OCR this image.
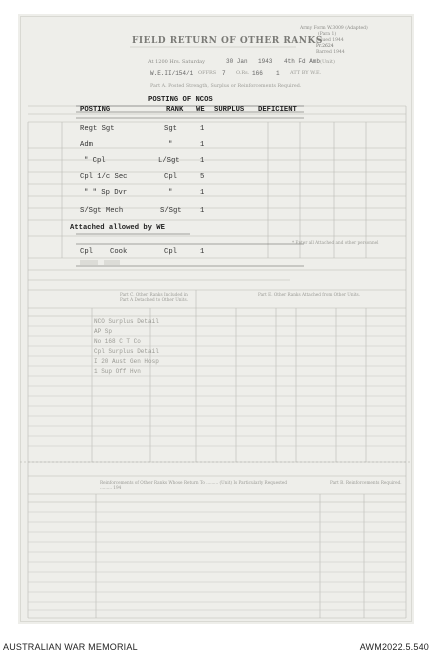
Army Form W.3009 (Adapted)
(Para 1)
Issued 1944
Pr.2624
Barred 1944
FIELD RETURN OF OTHER RANKS
At 1200 Hrs. Saturday	30 Jan 1943 4th Fd Amb (Unit)
W.E.II/154/1 OFFRS 7 O.Rs. 166 1 ATT BY W.E.
Part A. Posted Strength, Surplus or Reinforcements Required.
POSTING OF NCOS
POSTING	RANK WE SURPLUS DEFICIENT
Regt Sgt	Sgt	1
Adm	"	1
" Cpl	L/Sgt	1
Cpl 1/c Sec	Cpl	5
" " Sp Dvr	"	1
S/Sgt Mech	S/Sgt	1
Attached allowed by WE
Cpl Cook	Cpl	1
* Enter all Attached and other personnel
Part C. Other Ranks Included in Part A Detached to Other Units.
Part E. Other Ranks Attached from Other Units.
NCO Surplus Detail
AP Sp
No 168 C T Co
Cpl Surplus Detail
I 20 Aust Gen Hosp
1 Sup Off Hvn
Reinforcements of Other Ranks Whose Return To ......... (Unit) Is Particularly Requested ......... 194
Part B. Reinforcements Required.
AUSTRALIAN WAR MEMORIAL	AWM2022.5.540
